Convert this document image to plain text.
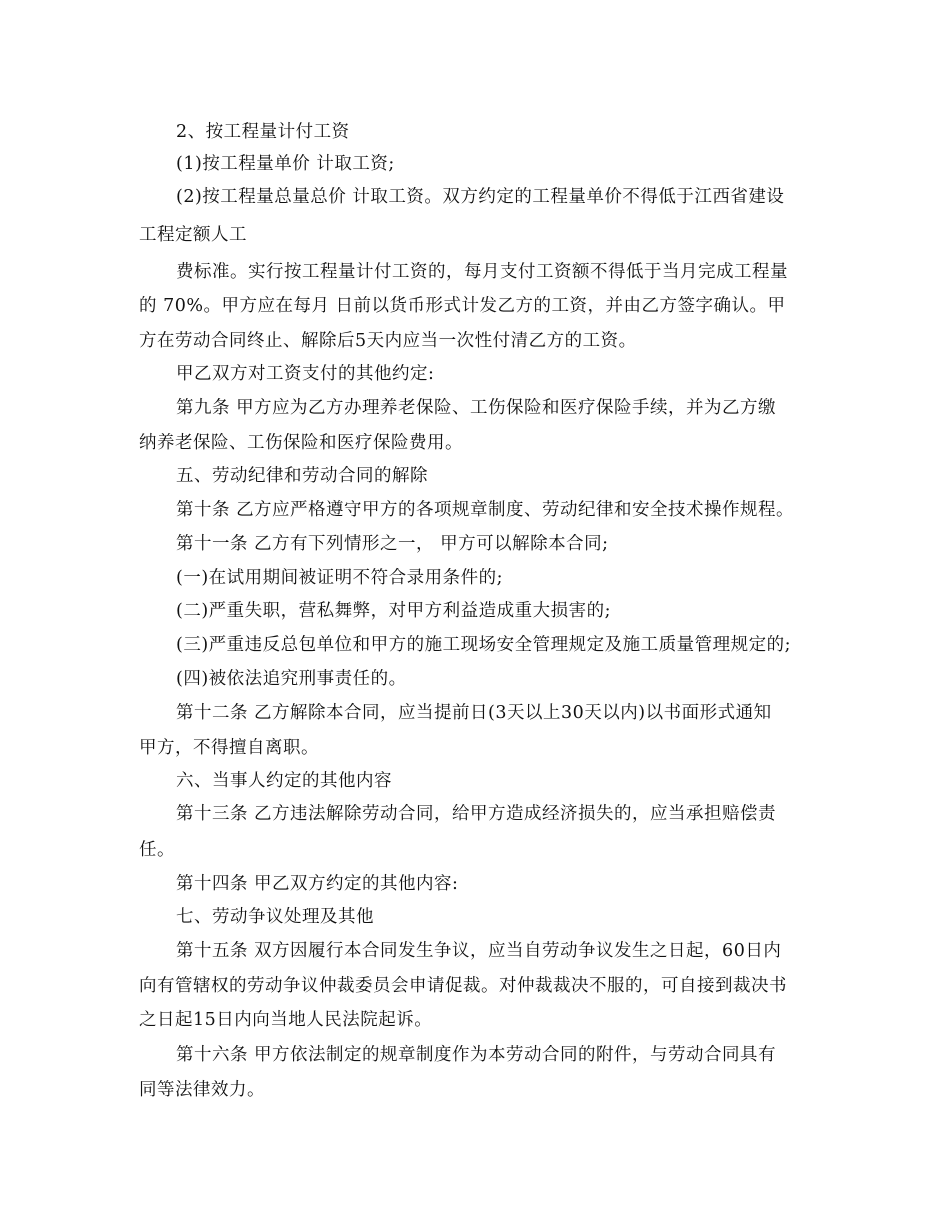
2、按工程量计付工资
(1)按工程量单价 计取工资;
(2)按工程量总量总价 计取工资。双方约定的工程量单价不得低于江西省建设
工程定额人工
费标准。实行按工程量计付工资的，每月支付工资额不得低于当月完成工程量
的 70%。甲方应在每月 日前以货币形式计发乙方的工资，并由乙方签字确认。甲
方在劳动合同终止、解除后5天内应当一次性付清乙方的工资。
甲乙双方对工资支付的其他约定:
第九条 甲方应为乙方办理养老保险、工伤保险和医疗保险手续，并为乙方缴
纳养老保险、工伤保险和医疗保险费用。
五、劳动纪律和劳动合同的解除
第十条 乙方应严格遵守甲方的各项规章制度、劳动纪律和安全技术操作规程。
第十一条 乙方有下列情形之一， 甲方可以解除本合同;
(一)在试用期间被证明不符合录用条件的;
(二)严重失职，营私舞弊，对甲方利益造成重大损害的;
(三)严重违反总包单位和甲方的施工现场安全管理规定及施工质量管理规定的;
(四)被依法追究刑事责任的。
第十二条 乙方解除本合同，应当提前日(3天以上30天以内)以书面形式通知
甲方，不得擅自离职。
六、当事人约定的其他内容
第十三条 乙方违法解除劳动合同，给甲方造成经济损失的，应当承担赔偿责
任。
第十四条 甲乙双方约定的其他内容:
七、劳动争议处理及其他
第十五条 双方因履行本合同发生争议，应当自劳动争议发生之日起，60日内
向有管辖权的劳动争议仲裁委员会申请促裁。对仲裁裁决不服的，可自接到裁决书
之日起15日内向当地人民法院起诉。
第十六条 甲方依法制定的规章制度作为本劳动合同的附件，与劳动合同具有
同等法律效力。
